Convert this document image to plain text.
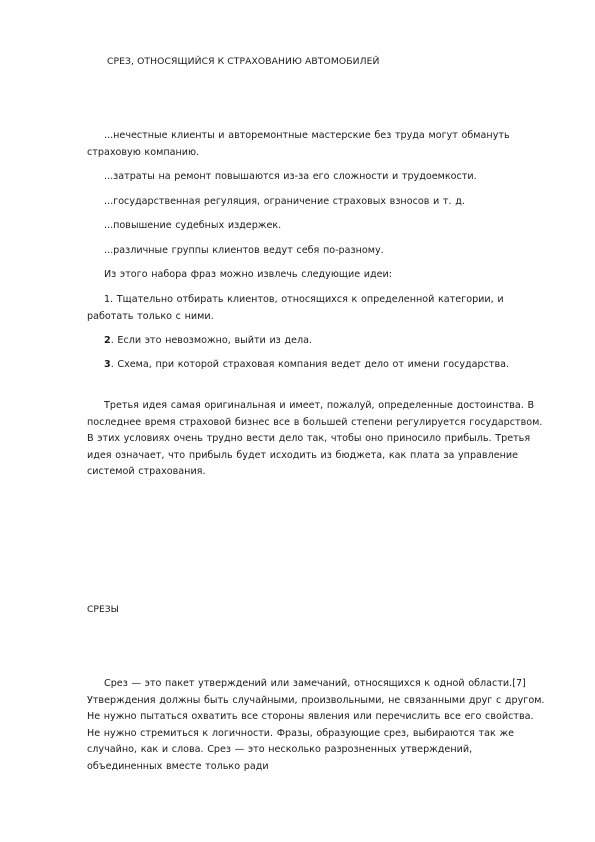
СРЕЗ, ОТНОСЯЩИЙСЯ К СТРАХОВАНИЮ АВТОМОБИЛЕЙ

...нечестные клиенты и авторемонтные мастерские без труда могут обмануть страховую компанию.

...затраты на ремонт повышаются из-за его сложности и трудоемкости.

...государственная регуляция, ограничение страховых взносов и т. д.

...повышение судебных издержек.

...различные группы клиентов ведут себя по-разному.

Из этого набора фраз можно извлечь следующие идеи:

1. Тщательно отбирать клиентов, относящихся к определенной категории, и работать только с ними.

2. Если это невозможно, выйти из дела.

3. Схема, при которой страховая компания ведет дело от имени государства.

Третья идея самая оригинальная и имеет, пожалуй, определенные достоинства. В последнее время страховой бизнес все в большей степени регулируется государством. В этих условиях очень трудно вести дело так, чтобы оно приносило прибыль. Третья идея означает, что прибыль будет исходить из бюджета, как плата за управление системой страхования.

СРЕЗЫ

Срез — это пакет утверждений или замечаний, относящихся к одной области.[7] Утверждения должны быть случайными, произвольными, не связанными друг с другом. Не нужно пытаться охватить все стороны явления или перечислить все его свойства. Не нужно стремиться к логичности. Фразы, образующие срез, выбираются так же случайно, как и слова. Срез — это несколько разрозненных утверждений, объединенных вместе только ради
